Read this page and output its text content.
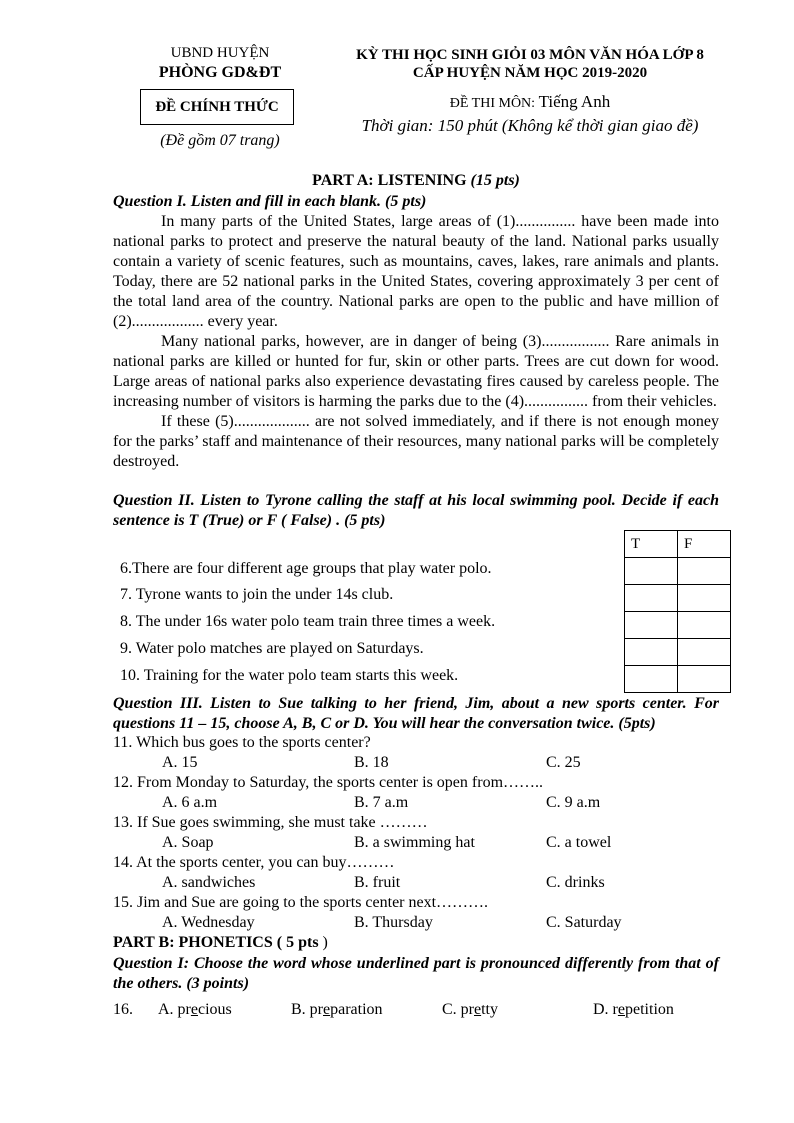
UBND HUYỆN
PHÒNG GD&ĐT
ĐỀ CHÍNH THỨC
(Đề gồm 07 trang)
KỲ THI HỌC SINH GIỎI 03 MÔN VĂN HÓA LỚP 8
CẤP HUYỆN NĂM HỌC 2019-2020
ĐỀ THI MÔN: Tiếng Anh
Thời gian: 150 phút (Không kể thời gian giao đề)
PART A: LISTENING (15 pts)
Question I. Listen and fill in each blank. (5 pts)

In many parts of the United States, large areas of (1)............... have been made into national parks to protect and preserve the natural beauty of the land. National parks usually contain a variety of scenic features, such as mountains, caves, lakes, rare animals and plants. Today, there are 52 national parks in the United States, covering approximately 3 per cent of the total land area of the country. National parks are open to the public and have million of (2).................. every year.

Many national parks, however, are in danger of being (3)................. Rare animals in national parks are killed or hunted for fur, skin or other parts. Trees are cut down for wood. Large areas of national parks also experience devastating fires caused by careless people. The increasing number of visitors is harming the parks due to the (4)................ from their vehicles.

If these (5)................... are not solved immediately, and if there is not enough money for the parks’ staff and maintenance of their resources, many national parks will be completely destroyed.

Question II. Listen to Tyrone calling the staff at his local swimming pool. Decide if each sentence is T (True) or F ( False) . (5 pts)
6.There are four different age groups that play water polo.
7. Tyrone wants to join the under 14s club.
8. The under 16s water polo team train three times a week.
9. Water polo matches are played on Saturdays.
10. Training for the water polo team starts this week.
T	F

Question III. Listen to Sue talking to her friend, Jim, about a new sports center. For questions 11 – 15, choose A, B, C or D. You will hear the conversation twice. (5pts)
11. Which bus goes to the sports center?
A. 15	B. 18	C. 25
12. From Monday to Saturday, the sports center is open from……..
A. 6 a.m	B. 7 a.m	C. 9 a.m
13. If Sue goes swimming, she must take ………
A. Soap	B. a swimming hat	C. a towel
14. At the sports center, you can buy………
A. sandwiches	B. fruit	C. drinks
15. Jim and Sue are going to the sports center next……….
A. Wednesday	B. Thursday	C. Saturday
PART B: PHONETICS ( 5 pts )
Question I: Choose the word whose underlined part is pronounced differently from that of the others. (3 points)
16. A. precious	B. preparation	C. pretty	D. repetition
